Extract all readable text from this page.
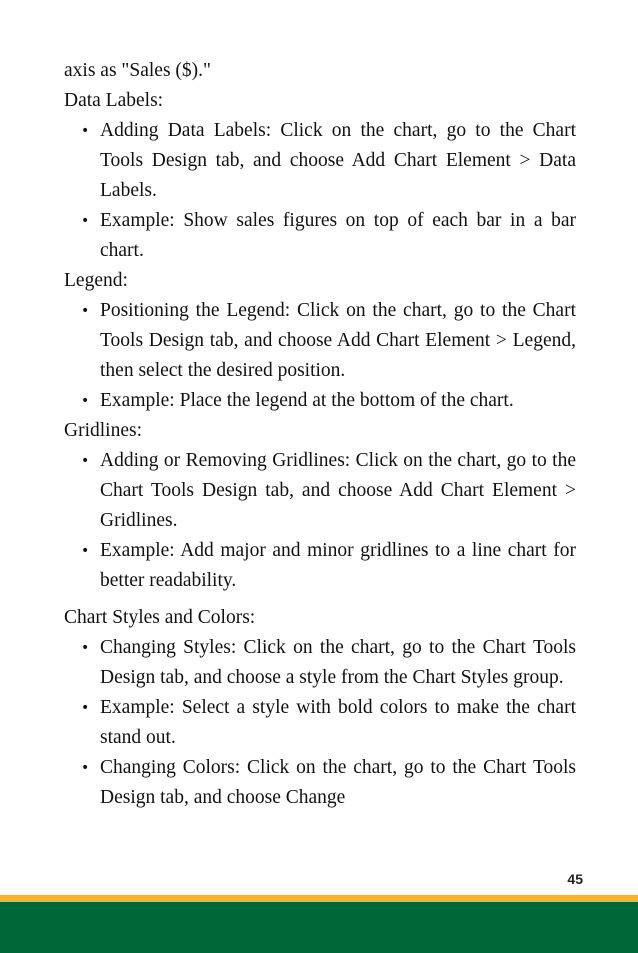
axis as "Sales ($)."

Data Labels:

• Adding Data Labels: Click on the chart, go to the Chart Tools Design tab, and choose Add Chart Element > Data Labels.
• Example: Show sales figures on top of each bar in a bar chart.

Legend:

• Positioning the Legend: Click on the chart, go to the Chart Tools Design tab, and choose Add Chart Element > Legend, then select the desired position.
• Example: Place the legend at the bottom of the chart.

Gridlines:

• Adding or Removing Gridlines: Click on the chart, go to the Chart Tools Design tab, and choose Add Chart Element > Gridlines.
• Example: Add major and minor gridlines to a line chart for better readability.

Chart Styles and Colors:

• Changing Styles: Click on the chart, go to the Chart Tools Design tab, and choose a style from the Chart Styles group.
• Example: Select a style with bold colors to make the chart stand out.
• Changing Colors: Click on the chart, go to the Chart Tools Design tab, and choose Change
45
